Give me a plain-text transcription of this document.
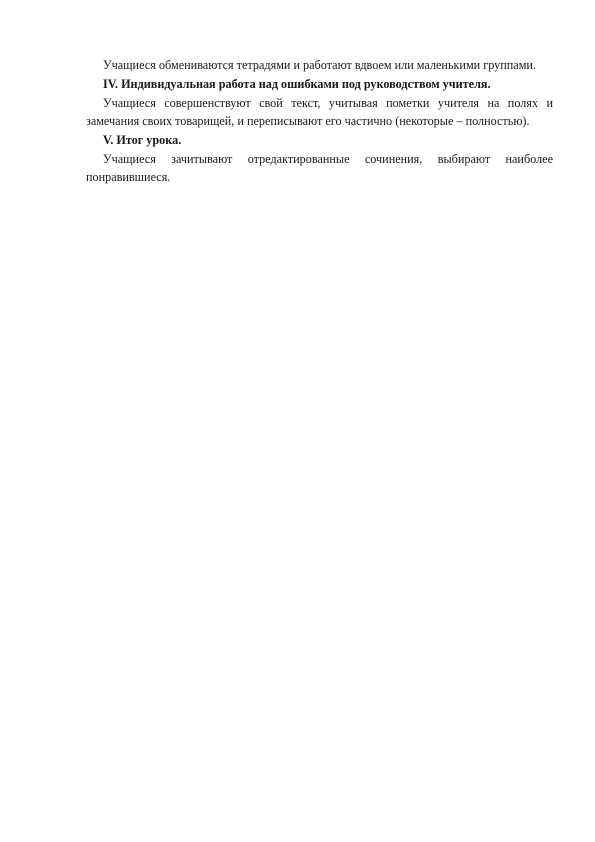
Учащиеся обмениваются тетрадями и работают вдвоем или маленькими группами.

IV. Индивидуальная работа над ошибками под руководством учителя.

Учащиеся совершенствуют свой текст, учитывая пометки учителя на полях и замечания своих товарищей, и переписывают его частично (некоторые – полностью).

V. Итог урока.

Учащиеся зачитывают отредактированные сочинения, выбирают наиболее понравившиеся.
